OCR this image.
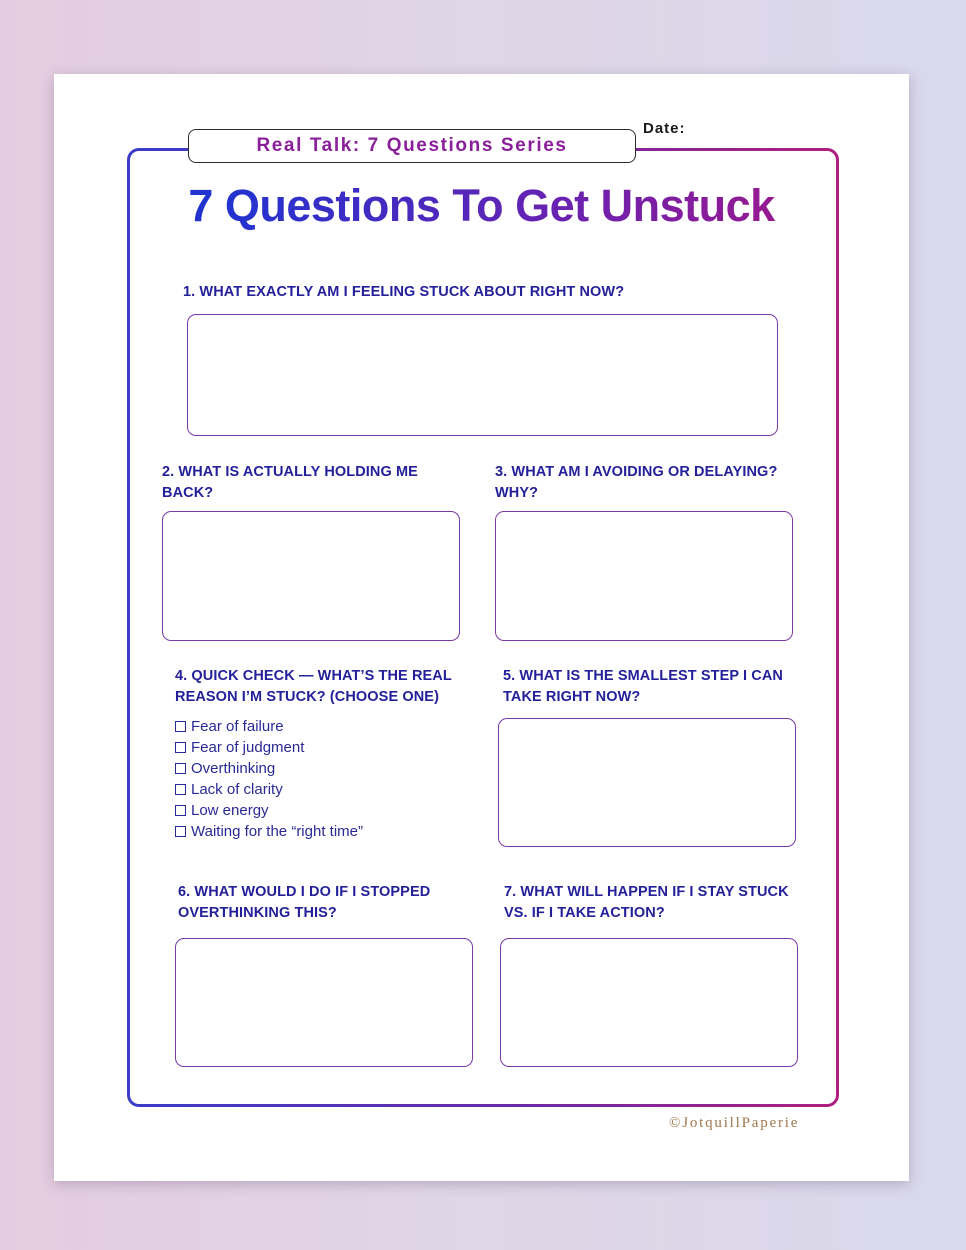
Real Talk: 7 Questions Series
Date:
7 Questions To Get Unstuck
1. WHAT EXACTLY AM I FEELING STUCK ABOUT RIGHT NOW?
2. WHAT IS ACTUALLY HOLDING ME BACK?
3. WHAT AM I AVOIDING OR DELAYING? WHY?
4. QUICK CHECK — WHAT’S THE REAL REASON I’M STUCK? (CHOOSE ONE)
Fear of failure
Fear of judgment
Overthinking
Lack of clarity
Low energy
Waiting for the “right time”
5. WHAT IS THE SMALLEST STEP I CAN TAKE RIGHT NOW?
6. WHAT WOULD I DO IF I STOPPED OVERTHINKING THIS?
7. WHAT WILL HAPPEN IF I STAY STUCK VS. IF I TAKE ACTION?
©JotquillPaperie
